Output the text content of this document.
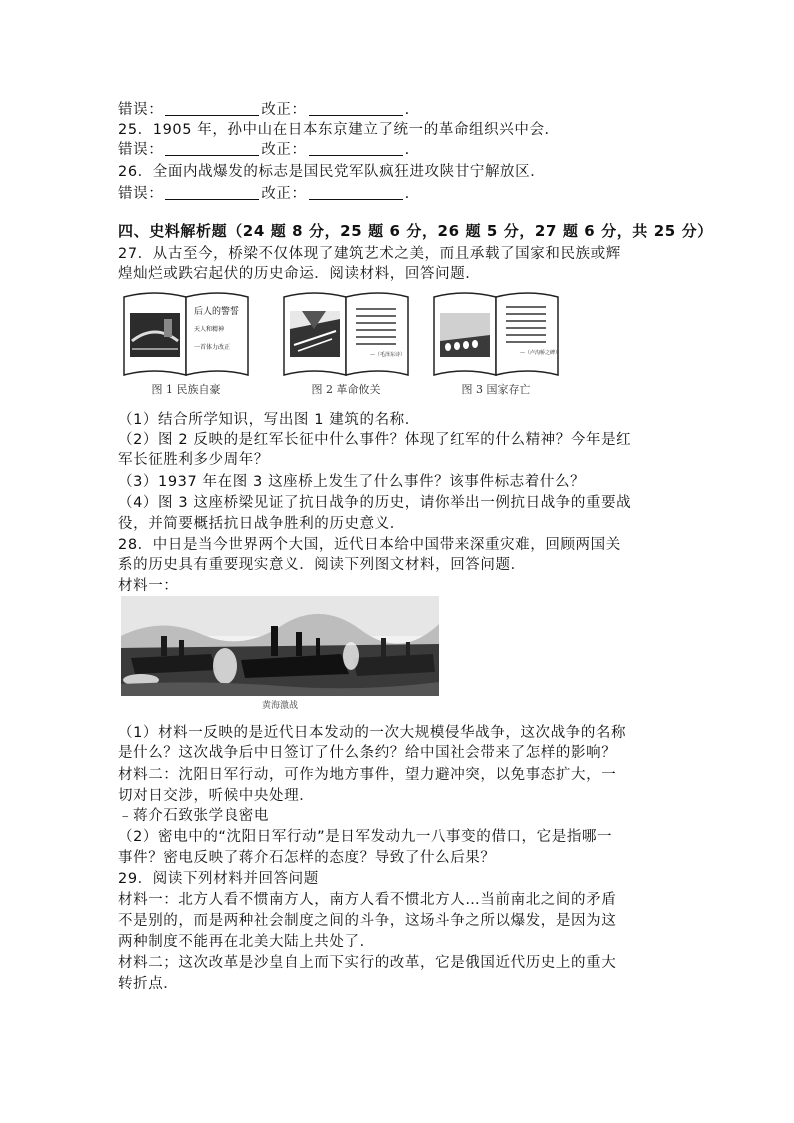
错误：	改正：	.
25．1905 年，孙中山在日本东京建立了统一的革命组织兴中会．
错误：	改正：	.
26．全面内战爆发的标志是国民党军队疯狂进攻陕甘宁解放区．
错误：	改正：	.
四、史料解析题（24 题 8 分，25 题 6 分，26 题 5 分，27 题 6 分，共 25 分）
27．从古至今，桥梁不仅体现了建筑艺术之美，而且承载了国家和民族或辉
煌灿烂或跌宕起伏的历史命运．阅读材料，回答问题．
后人的警誓
天人和精神
一首体力改正
图 1 民族自豪
—（毛泽东诗）
图 2 革命攸关
—（卢沟桥之碑）
图 3 国家存亡
（1）结合所学知识，写出图 1 建筑的名称．
（2）图 2 反映的是红军长征中什么事件？体现了红军的什么精神？今年是红
军长征胜利多少周年？
（3）1937 年在图 3 这座桥上发生了什么事件？该事件标志着什么？
（4）图 3 这座桥梁见证了抗日战争的历史，请你举出一例抗日战争的重要战
役，并简要概括抗日战争胜利的历史意义．
28．中日是当今世界两个大国，近代日本给中国带来深重灾难，回顾两国关
系的历史具有重要现实意义．阅读下列图文材料，回答问题．
材料一：
黄海激战
（1）材料一反映的是近代日本发动的一次大规模侵华战争，这次战争的名称
是什么？这次战争后中日签订了什么条约？给中国社会带来了怎样的影响？
材料二：沈阳日军行动，可作为地方事件，望力避冲突，以免事态扩大，一
切对日交涉，听候中央处理．
﹣蒋介石致张学良密电
（2）密电中的“沈阳日军行动”是日军发动九一八事变的借口，它是指哪一
事件？密电反映了蒋介石怎样的态度？导致了什么后果？
29．阅读下列材料并回答问题
材料一：北方人看不惯南方人，南方人看不惯北方人…当前南北之间的矛盾
不是别的，而是两种社会制度之间的斗争，这场斗争之所以爆发，是因为这
两种制度不能再在北美大陆上共处了．
材料二；这次改革是沙皇自上而下实行的改革，它是俄国近代历史上的重大
转折点．
